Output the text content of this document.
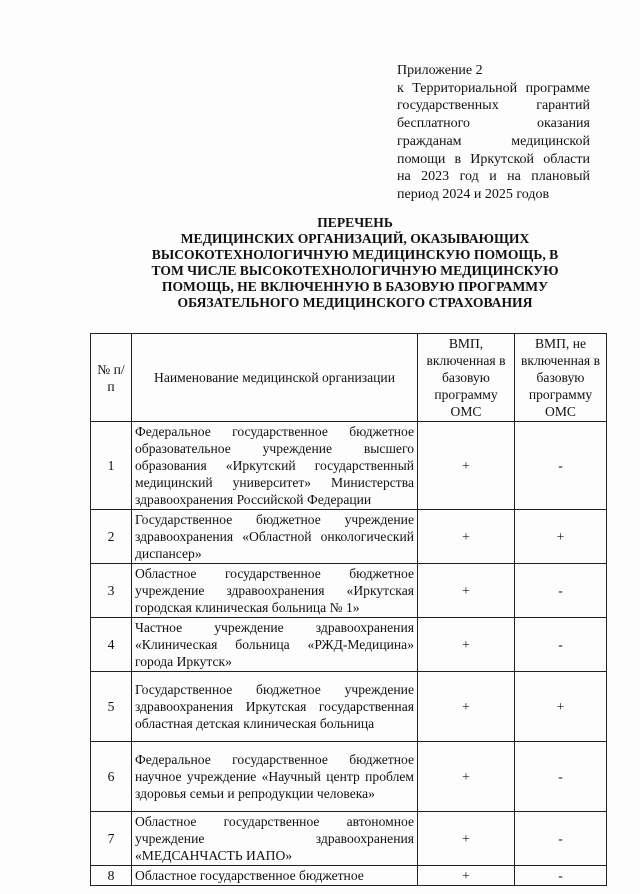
Приложение 2
к Территориальной программе государственных гарантий бесплатного оказания гражданам медицинской помощи в Иркутской области на 2023 год и на плановый период 2024 и 2025 годов
ПЕРЕЧЕНЬ
МЕДИЦИНСКИХ ОРГАНИЗАЦИЙ, ОКАЗЫВАЮЩИХ
ВЫСОКОТЕХНОЛОГИЧНУЮ МЕДИЦИНСКУЮ ПОМОЩЬ, В
ТОМ ЧИСЛЕ ВЫСОКОТЕХНОЛОГИЧНУЮ МЕДИЦИНСКУЮ
ПОМОЩЬ, НЕ ВКЛЮЧЕННУЮ В БАЗОВУЮ ПРОГРАММУ
ОБЯЗАТЕЛЬНОГО МЕДИЦИНСКОГО СТРАХОВАНИЯ
№ п/п	Наименование медицинской организации	ВМП, включенная в базовую программу ОМС	ВМП, не включенная в базовую программу ОМС
1	Федеральное государственное бюджетное образовательное учреждение высшего образования «Иркутский государственный медицинский университет» Министерства здравоохранения Российской Федерации	+	-
2	Государственное бюджетное учреждение здравоохранения «Областной онкологический диспансер»	+	+
3	Областное государственное бюджетное учреждение здравоохранения «Иркутская городская клиническая больница № 1»	+	-
4	Частное учреждение здравоохранения «Клиническая больница «РЖД-Медицина» города Иркутск»	+	-
5	Государственное бюджетное учреждение здравоохранения Иркутская государственная областная детская клиническая больница	+	+
6	Федеральное государственное бюджетное научное учреждение «Научный центр проблем здоровья семьи и репродукции человека»	+	-
7	Областное государственное автономное учреждение здравоохранения «МЕДСАНЧАСТЬ ИАПО»	+	-
8	Областное государственное бюджетное	+	-
